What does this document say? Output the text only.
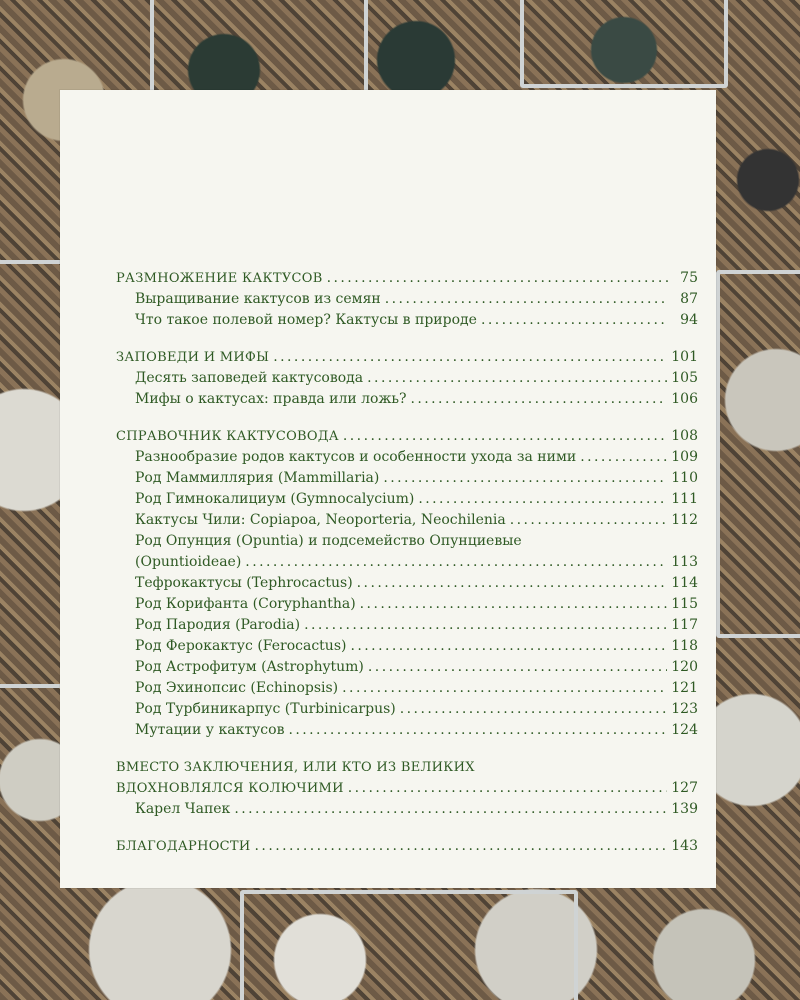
РАЗМНОЖЕНИЕ КАКТУСОВ . . .	75
Выращивание кактусов из семян . . .	87
Что такое полевой номер? Кактусы в природе . . .	94
ЗАПОВЕДИ И МИФЫ . . .	101
Десять заповедей кактусовода . . .	105
Мифы о кактусах: правда или ложь? . . .	106
СПРАВОЧНИК КАКТУСОВОДА . . .	108
Разнообразие родов кактусов и особенности ухода за ними . . .	109
Род Маммиллярия (Mammillaria) . . .	110
Род Гимнокалициум (Gymnocalycium) . . .	111
Кактусы Чили: Copiapoa, Neoporteria, Neochilenia . . .	112
Род Опунция (Opuntia) и подсемейство Опунциевые
(Opuntioideae) . . .	113
Тефрокактусы (Tephrocactus) . . .	114
Род Корифанта (Coryphantha) . . .	115
Род Пародия (Parodia) . . .	117
Род Ферокактус (Ferocactus) . . .	118
Род Астрофитум (Astrophytum) . . .	120
Род Эхинопсис (Echinopsis) . . .	121
Род Турбиникарпус (Turbinicarpus) . . .	123
Мутации у кактусов . . .	124
ВМЕСТО ЗАКЛЮЧЕНИЯ, ИЛИ КТО ИЗ ВЕЛИКИХ
ВДОХНОВЛЯЛСЯ КОЛЮЧИМИ . . .	127
Карел Чапек . . .	139
БЛАГОДАРНОСТИ . . .	143
